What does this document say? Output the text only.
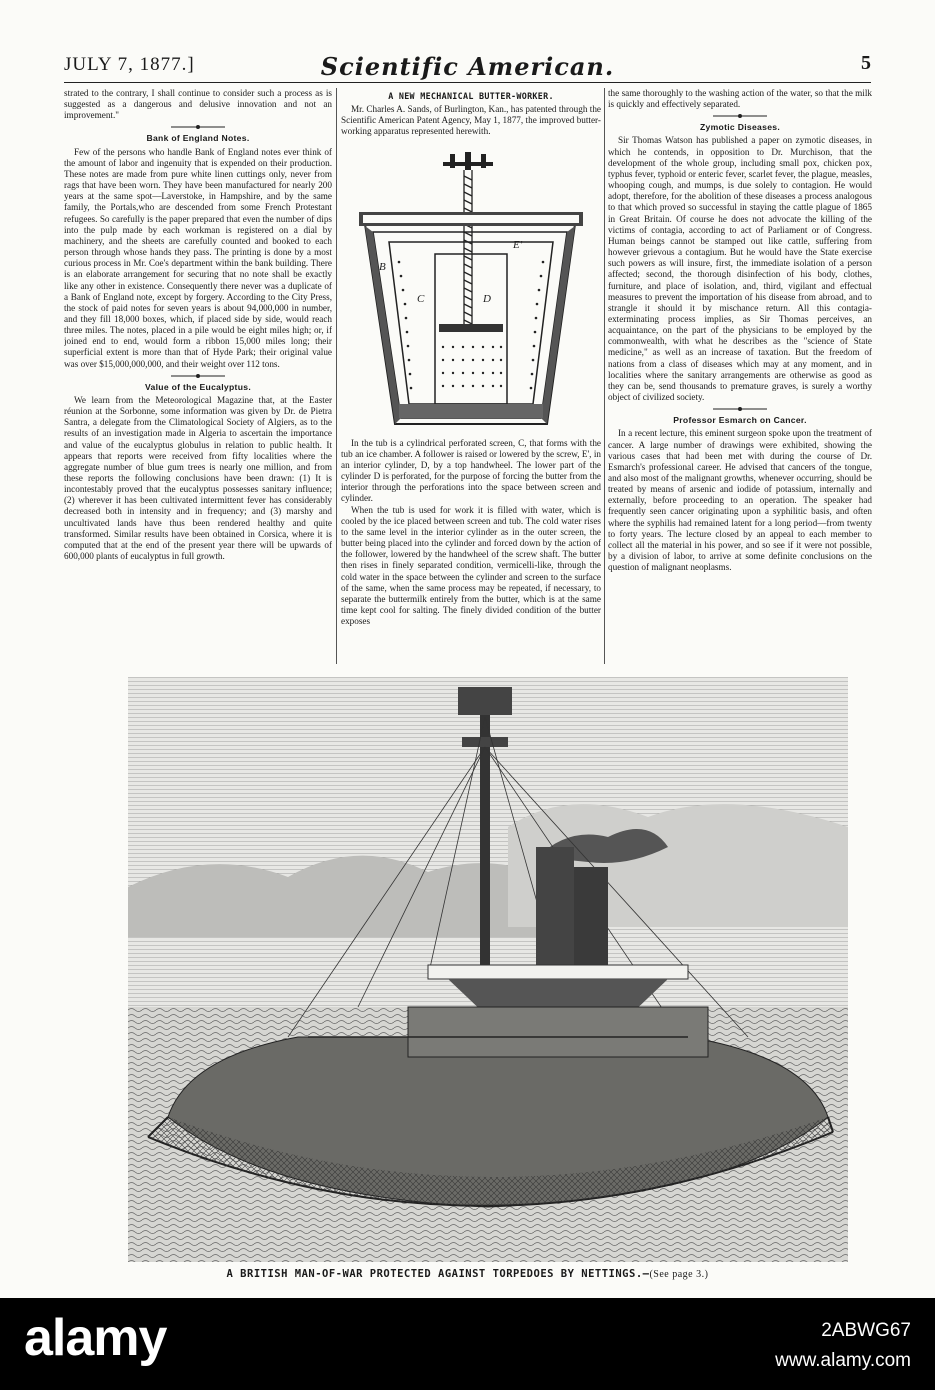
JULY 7, 1877.]	Scientific American.	5

strated to the contrary, I shall continue to consider such a process as is suggested as a dangerous and delusive innovation and not an improvement."

Bank of England Notes.

Few of the persons who handle Bank of England notes ever think of the amount of labor and ingenuity that is expended on their production. These notes are made from pure white linen cuttings only, never from rags that have been worn. They have been manufactured for nearly 200 years at the same spot—Laverstoke, in Hampshire, and by the same family, the Portals,who are descended from some French Protestant refugees. So carefully is the paper prepared that even the number of dips into the pulp made by each workman is registered on a dial by machinery, and the sheets are carefully counted and booked to each person through whose hands they pass. The printing is done by a most curious process in Mr. Coe's department within the bank building. There is an elaborate arrangement for securing that no note shall be exactly like any other in existence. Consequently there never was a duplicate of a Bank of England note, except by forgery. According to the City Press, the stock of paid notes for seven years is about 94,000,000 in number, and they fill 18,000 boxes, which, if placed side by side, would reach three miles. The notes, placed in a pile would be eight miles high; or, if joined end to end, would form a ribbon 15,000 miles long; their superficial extent is more than that of Hyde Park; their original value was over $15,000,000,000, and their weight over 112 tons.

Value of the Eucalyptus.

We learn from the Meteorological Magazine that, at the Easter réunion at the Sorbonne, some information was given by Dr. de Pietra Santra, a delegate from the Climatological Society of Algiers, as to the results of an investigation made in Algeria to ascertain the importance and value of the eucalyptus globulus in relation to public health. It appears that reports were received from fifty localities where the aggregate number of blue gum trees is nearly one million, and from these reports the following conclusions have been drawn: (1) It is incontestably proved that the eucalyptus possesses sanitary influence; (2) wherever it has been cultivated intermittent fever has considerably decreased both in intensity and in frequency; and (3) marshy and uncultivated lands have thus been rendered healthy and quite transformed. Similar results have been obtained in Corsica, where it is computed that at the end of the present year there will be upwards of 600,000 plants of eucalyptus in full growth.

A NEW MECHANICAL BUTTER-WORKER.

Mr. Charles A. Sands, of Burlington, Kan., has patented through the Scientific American Patent Agency, May 1, 1877, the improved butter-working apparatus represented herewith.

E'
D
C
B

In the tub is a cylindrical perforated screen, C, that forms with the tub an ice chamber. A follower is raised or lowered by the screw, E', in an interior cylinder, D, by a top handwheel. The lower part of the cylinder D is perforated, for the purpose of forcing the butter from the interior through the perforations into the space between screen and cylinder.

When the tub is used for work it is filled with water, which is cooled by the ice placed between screen and tub. The cold water rises to the same level in the interior cylinder as in the outer screen, the butter being placed into the cylinder and forced down by the action of the follower, lowered by the handwheel of the screw shaft. The butter then rises in finely separated condition, vermicelli-like, through the cold water in the space between the cylinder and screen to the surface of the same, when the same process may be repeated, if necessary, to separate the buttermilk entirely from the butter, which is at the same time kept cool for salting. The finely divided condition of the butter exposes

the same thoroughly to the washing action of the water, so that the milk is quickly and effectively separated.

Zymotic Diseases.

Sir Thomas Watson has published a paper on zymotic diseases, in which he contends, in opposition to Dr. Murchison, that the development of the whole group, including small pox, chicken pox, typhus fever, typhoid or enteric fever, scarlet fever, the plague, measles, whooping cough, and mumps, is due solely to contagion. He would adopt, therefore, for the abolition of these diseases a process analogous to that which proved so successful in staying the cattle plague of 1865 in Great Britain. Of course he does not advocate the killing of the victims of contagia, according to act of Parliament or of Congress. Human beings cannot be stamped out like cattle, suffering from however grievous a contagium. But he would have the State exercise such powers as will insure, first, the immediate isolation of a person affected; second, the thorough disinfection of his body, clothes, furniture, and place of isolation, and, third, vigilant and effectual measures to prevent the importation of his disease from abroad, and to strangle it should it by mischance return. All this contagia-exterminating process implies, as Sir Thomas perceives, an acquaintance, on the part of the physicians to be employed by the commonwealth, with what he describes as the "science of State medicine," as well as an increase of taxation. But the freedom of nations from a class of diseases which may at any moment, and in localities where the sanitary arrangements are otherwise as good as they can be, send thousands to premature graves, is surely a worthy object of civilized society.

Professor Esmarch on Cancer.

In a recent lecture, this eminent surgeon spoke upon the treatment of cancer. A large number of drawings were exhibited, showing the various cases that had been met with during the course of Dr. Esmarch's professional career. He advised that cancers of the tongue, and also most of the malignant growths, whenever occurring, should be treated by means of arsenic and iodide of potassium, internally and externally, before proceeding to an operation. The speaker had frequently seen cancer originating upon a syphilitic basis, and often where the syphilis had remained latent for a long period—from twenty to forty years. The lecture closed by an appeal to each member to collect all the material in his power, and so see if it were not possible, by a division of labor, to arrive at some definite conclusions on the question of malignant neoplasms.

A BRITISH MAN-OF-WAR PROTECTED AGAINST TORPEDOES BY NETTINGS.—(See page 3.)
alamy	2ABWG67
www.alamy.com
